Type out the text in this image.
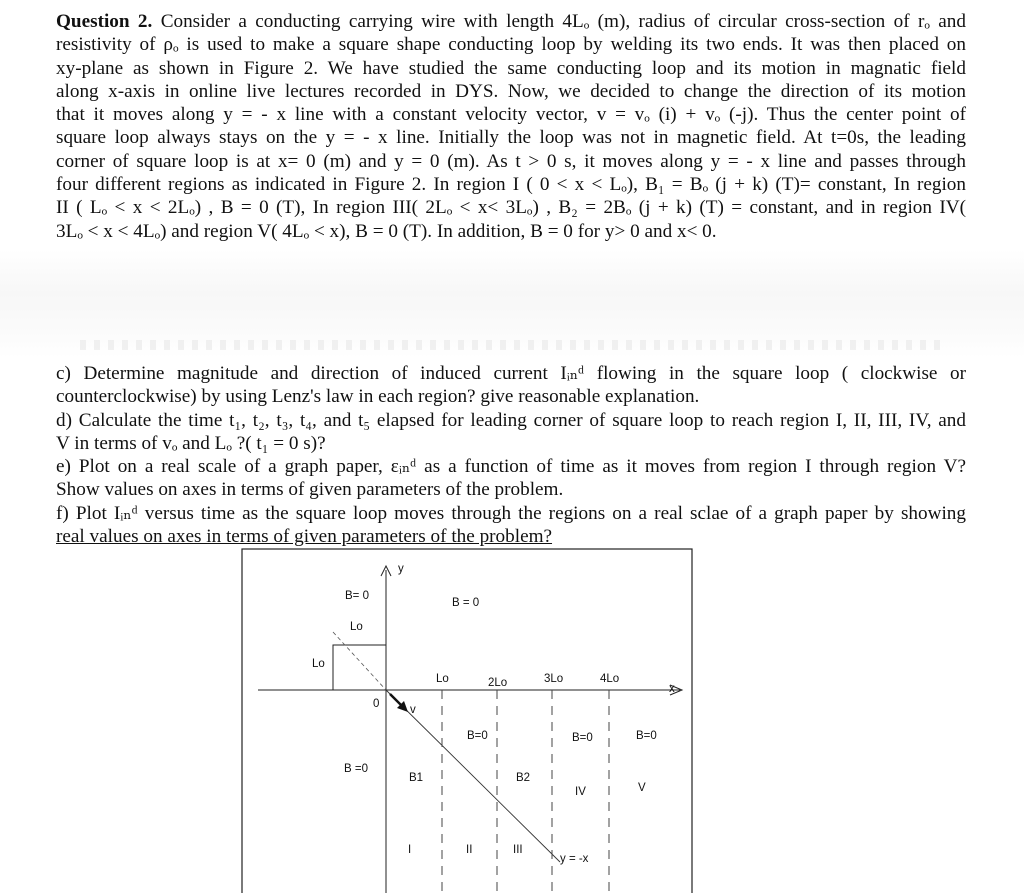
Question 2. Consider a conducting carrying wire with length 4Lₒ (m), radius of circular cross-section of rₒ and
resistivity of ρₒ is used to make a square shape conducting loop by welding its two ends. It was then placed on
xy-plane as shown in Figure 2. We have studied the same conducting loop and its motion in magnatic field
along x-axis in online live lectures recorded in DYS. Now, we decided to change the direction of its motion
that it moves along y = - x line with a constant velocity vector, v = vₒ (i) + vₒ (-j). Thus the center point of
square loop always stays on the y = - x line. Initially the loop was not in magnetic field. At t=0s, the leading
corner of square loop is at x= 0 (m) and y = 0 (m). As t > 0 s, it moves along y = - x line and passes through
four different regions as indicated in Figure 2. In region I ( 0 < x < Lₒ), B₁ = Bₒ (j + k) (T)= constant, In region
II ( Lₒ < x < 2Lₒ) , B = 0 (T), In region III( 2Lₒ < x< 3Lₒ) , B₂ = 2Bₒ (j + k) (T) = constant, and in region IV(
3Lₒ < x < 4Lₒ) and region V( 4Lₒ < x), B = 0 (T). In addition, B = 0 for y> 0 and x< 0.
c) Determine magnitude and direction of induced current Iᵢₙᵈ flowing in the square loop ( clockwise or
counterclockwise) by using Lenz's law in each region? give reasonable explanation.
d) Calculate the time t₁, t₂, t₃, t₄, and t₅ elapsed for leading corner of square loop to reach region I, II, III, IV, and
V in terms of vₒ and Lₒ ?( t₁ = 0 s)?
e) Plot on a real scale of a graph paper, εᵢₙᵈ as a function of time as it moves from region I through region V?
Show values on axes in terms of given parameters of the problem.
f) Plot Iᵢₙᵈ versus time as the square loop moves through the regions on a real sclae of a graph paper by showing
real values on axes in terms of given parameters of the problem?
y
x
0	v
Lo
Lo
Lo	2Lo	3Lo	4Lo
B= 0
B = 0
B =0
B1
B=0
B2
B=0	B=0
I	II	III
IV	V
y = -x
